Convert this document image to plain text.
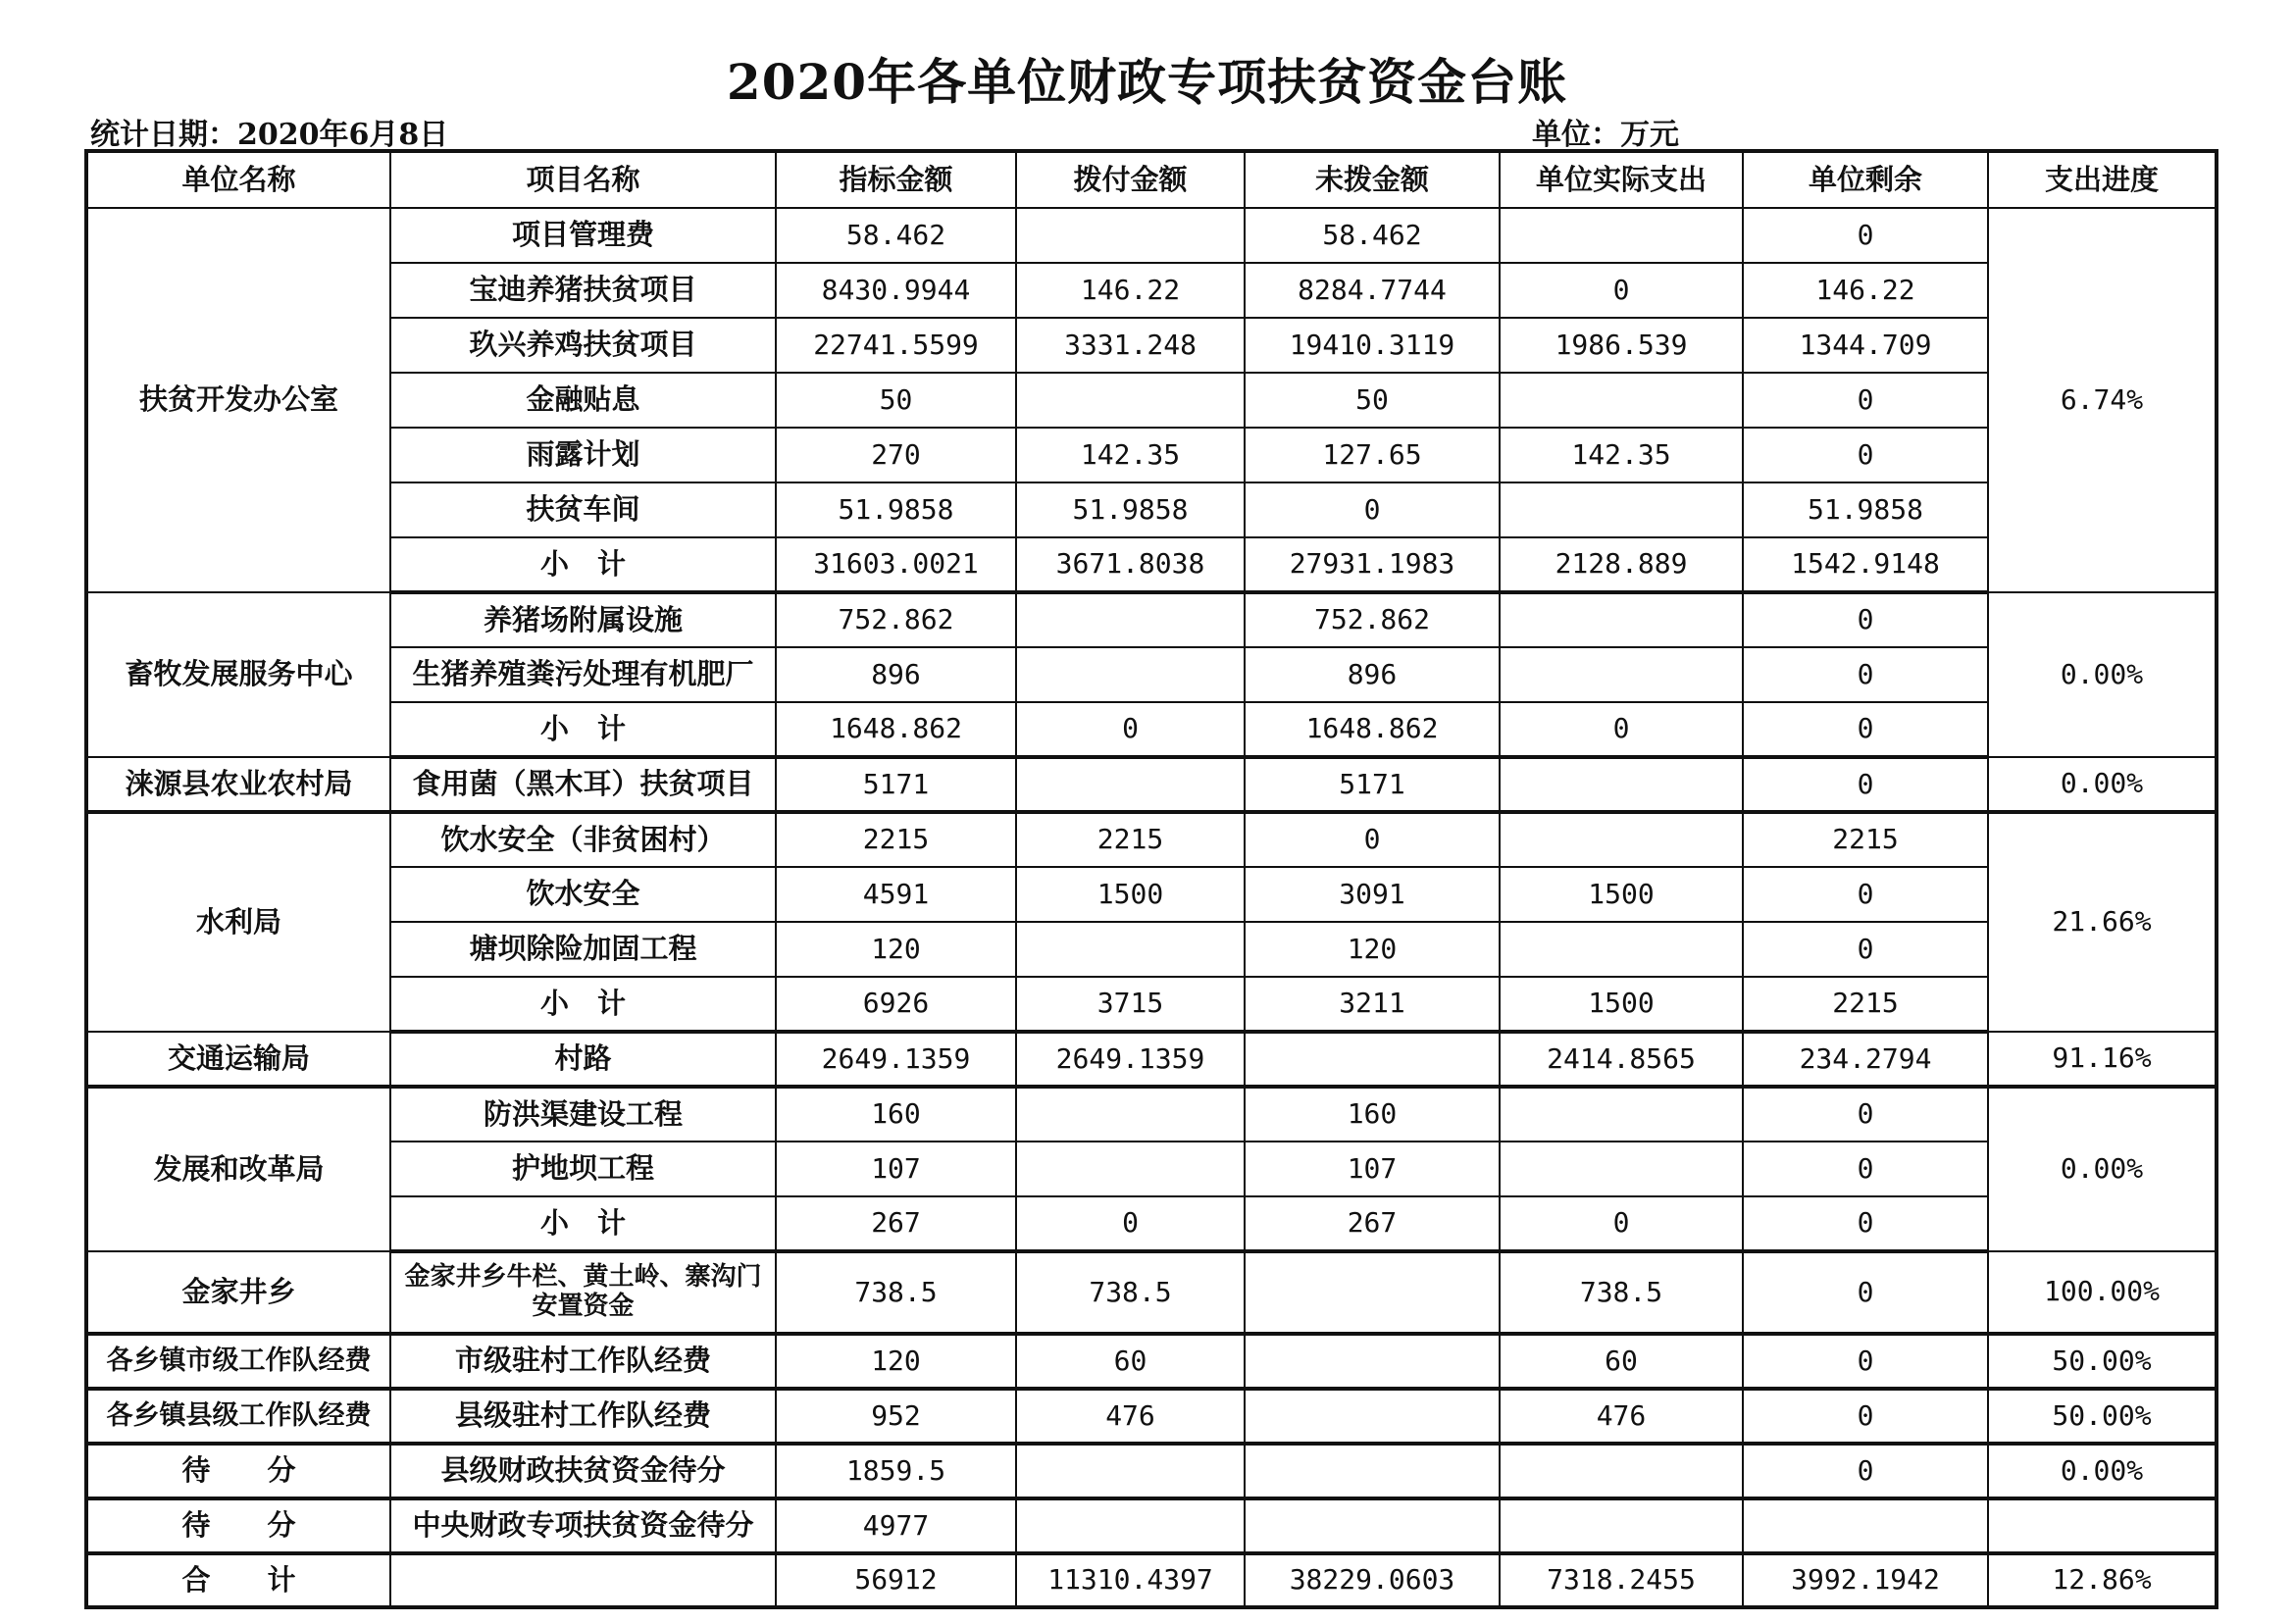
2020年各单位财政专项扶贫资金台账
统计日期：2020年6月8日	单位：万元
单位名称	项目名称	指标金额	拨付金额	未拨金额	单位实际支出	单位剩余	支出进度
扶贫开发办公室	项目管理费	58.462		58.462		0	6.74%
	宝迪养猪扶贫项目	8430.9944	146.22	8284.7744	0	146.22	
	玖兴养鸡扶贫项目	22741.5599	3331.248	19410.3119	1986.539	1344.709	
	金融贴息	50		50		0	
	雨露计划	270	142.35	127.65	142.35	0	
	扶贫车间	51.9858	51.9858	0		51.9858	
	小　计	31603.0021	3671.8038	27931.1983	2128.889	1542.9148	
畜牧发展服务中心	养猪场附属设施	752.862		752.862		0	0.00%
	生猪养殖粪污处理有机肥厂	896		896		0	
	小　计	1648.862	0	1648.862	0	0	
涞源县农业农村局	食用菌（黑木耳）扶贫项目	5171		5171		0	0.00%
水利局	饮水安全（非贫困村）	2215	2215	0		2215	21.66%
	饮水安全	4591	1500	3091	1500	0	
	塘坝除险加固工程	120		120		0	
	小　计	6926	3715	3211	1500	2215	
交通运输局	村路	2649.1359	2649.1359		2414.8565	234.2794	91.16%
发展和改革局	防洪渠建设工程	160		160		0	0.00%
	护地坝工程	107		107		0	
	小　计	267	0	267	0	0	
金家井乡	金家井乡牛栏、黄土岭、寨沟门安置资金	738.5	738.5		738.5	0	100.00%
各乡镇市级工作队经费	市级驻村工作队经费	120	60		60	0	50.00%
各乡镇县级工作队经费	县级驻村工作队经费	952	476		476	0	50.00%
待　　分	县级财政扶贫资金待分	1859.5				0	0.00%
待　　分	中央财政专项扶贫资金待分	4977					
合　　计		56912	11310.4397	38229.0603	7318.2455	3992.1942	12.86%
